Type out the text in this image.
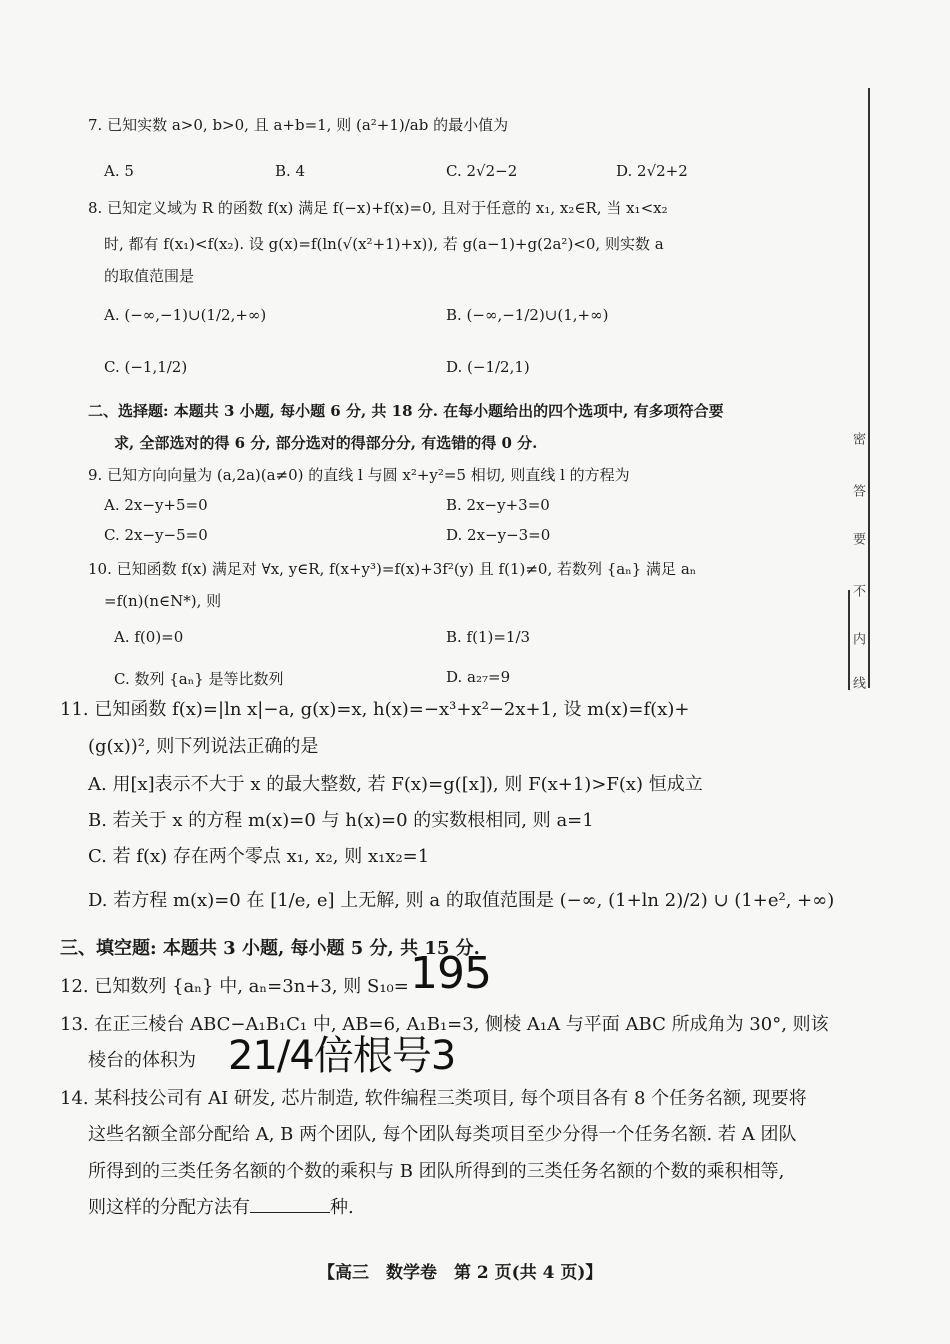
密
答
要
不
内
线
7. 已知实数 a>0, b>0, 且 a+b=1, 则 (a²+1)/ab 的最小值为
A. 5	B. 4	C. 2√2−2	D. 2√2+2
8. 已知定义域为 R 的函数 f(x) 满足 f(−x)+f(x)=0, 且对于任意的 x₁, x₂∈R, 当 x₁<x₂
时, 都有 f(x₁)<f(x₂). 设 g(x)=f(ln(√(x²+1)+x)), 若 g(a−1)+g(2a²)<0, 则实数 a
的取值范围是
A. (−∞,−1)∪(1/2,+∞)	B. (−∞,−1/2)∪(1,+∞)
C. (−1,1/2)	D. (−1/2,1)
二、选择题: 本题共 3 小题, 每小题 6 分, 共 18 分. 在每小题给出的四个选项中, 有多项符合要
求, 全部选对的得 6 分, 部分选对的得部分分, 有选错的得 0 分.
9. 已知方向向量为 (a,2a)(a≠0) 的直线 l 与圆 x²+y²=5 相切, 则直线 l 的方程为
A. 2x−y+5=0	B. 2x−y+3=0
C. 2x−y−5=0	D. 2x−y−3=0
10. 已知函数 f(x) 满足对 ∀x, y∈R, f(x+y³)=f(x)+3f²(y) 且 f(1)≠0, 若数列 {aₙ} 满足 aₙ
=f(n)(n∈N*), 则
A. f(0)=0	B. f(1)=1/3
C. 数列 {aₙ} 是等比数列	D. a₂₇=9
11. 已知函数 f(x)=|ln x|−a, g(x)=x, h(x)=−x³+x²−2x+1, 设 m(x)=f(x)+
(g(x))², 则下列说法正确的是
A. 用[x]表示不大于 x 的最大整数, 若 F(x)=g([x]), 则 F(x+1)>F(x) 恒成立
B. 若关于 x 的方程 m(x)=0 与 h(x)=0 的实数根相同, 则 a=1
C. 若 f(x) 存在两个零点 x₁, x₂, 则 x₁x₂=1
D. 若方程 m(x)=0 在 [1/e, e] 上无解, 则 a 的取值范围是 (−∞, (1+ln 2)/2) ∪ (1+e², +∞)
三、填空题: 本题共 3 小题, 每小题 5 分, 共 15 分.
12. 已知数列 {aₙ} 中, aₙ=3n+3, 则 S₁₀= 195
13. 在正三棱台 ABC−A₁B₁C₁ 中, AB=6, A₁B₁=3, 侧棱 A₁A 与平面 ABC 所成角为 30°, 则该
棱台的体积为 21/4倍根号3
14. 某科技公司有 AI 研发, 芯片制造, 软件编程三类项目, 每个项目各有 8 个任务名额, 现要将
这些名额全部分配给 A, B 两个团队, 每个团队每类项目至少分得一个任务名额. 若 A 团队
所得到的三类任务名额的个数的乘积与 B 团队所得到的三类任务名额的个数的乘积相等,
则这样的分配方法有	种.
【高三　数学卷　第 2 页(共 4 页)】
